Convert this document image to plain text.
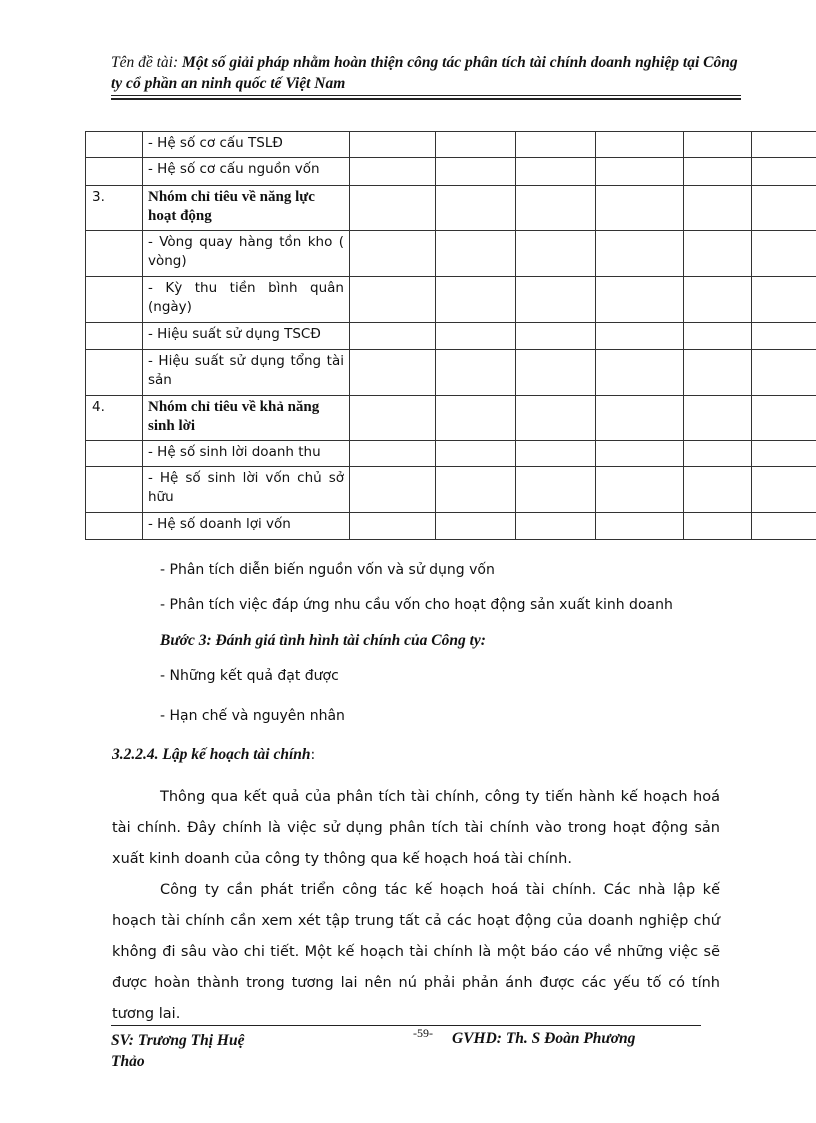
Tên đề tài: Một số giải pháp nhằm hoàn thiện công tác phân tích tài chính doanh nghiệp tại Công ty cổ phần an ninh quốc tế Việt Nam
	- Hệ số cơ cấu TSLĐ						
	- Hệ số cơ cấu nguồn vốn						
3.	Nhóm chỉ tiêu về năng lực hoạt động						
	- Vòng quay hàng tồn kho ( vòng)						
	- Kỳ thu tiền bình quân (ngày)						
	- Hiệu suất sử dụng TSCĐ						
	- Hiệu suất sử dụng tổng tài sản						
4.	Nhóm chỉ tiêu về khả năng sinh lời						
	- Hệ số sinh lời doanh thu						
	- Hệ số sinh lời vốn chủ sở hữu						
	- Hệ số doanh lợi vốn						
- Phân tích diễn biến nguồn vốn và sử dụng vốn
- Phân tích việc đáp ứng nhu cầu vốn cho hoạt động sản xuất kinh doanh
Bước 3: Đánh giá tình hình tài chính của Công ty:
- Những kết quả đạt được
- Hạn chế và nguyên nhân
3.2.2.4. Lập kế hoạch tài chính:
Thông qua kết quả của phân tích tài chính, công ty tiến hành kế hoạch hoá tài chính. Đây chính là việc sử dụng phân tích tài chính vào trong hoạt động sản xuất kinh doanh của công ty thông qua kế hoạch hoá tài chính.
Công ty cần phát triển công tác kế hoạch hoá tài chính. Các nhà lập kế hoạch tài chính cần xem xét tập trung tất cả các hoạt động của doanh nghiệp chứ không đi sâu vào chi tiết. Một kế hoạch tài chính là một báo cáo về những việc sẽ được hoàn thành trong tương lai nên nú phải phản ánh được các yếu tố có tính tương lai.
SV: Trương Thị Huệ Thảo
-59- GVHD: Th. S Đoàn Phương
